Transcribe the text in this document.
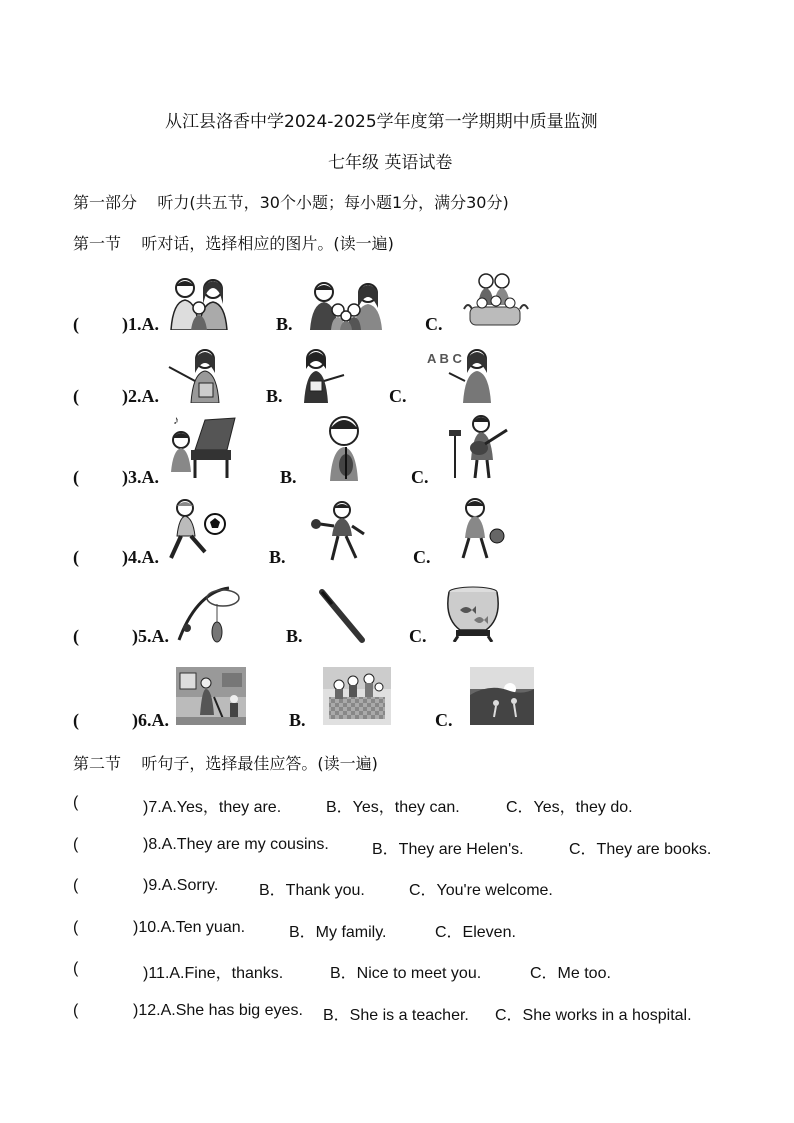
从江县洛香中学2024-2025学年度第一学期期中质量监测
七年级 英语试卷
第一部分    听力(共五节，30个小题；每小题1分，满分30分)
第一节    听对话，选择相应的图片。(读一遍)
( )1.A.	B.	C.
( )2.A.	B.	C.
A B C
( )3.A.	B.	C.
♪
( )4.A.	B.	C.
(	)5.A.	B.	C.
(	)6.A.	B.	C.
第二节    听句子，选择最佳应答。(读一遍)
(	)7.A.Yes，they are.	B．Yes，they can.	C．Yes，they do.
(	)8.A.They are my cousins.	B．They are Helen's.	C．They are books.
(	)9.A.Sorry.	B．Thank you.	C．You're welcome.
(	)10.A.Ten yuan.	B．My family.	C．Eleven.
(	)11.A.Fine，thanks.	B．Nice to meet you.	C．Me too.
(	)12.A.She has big eyes. B．She is a teacher. C．She works in a hospital.
